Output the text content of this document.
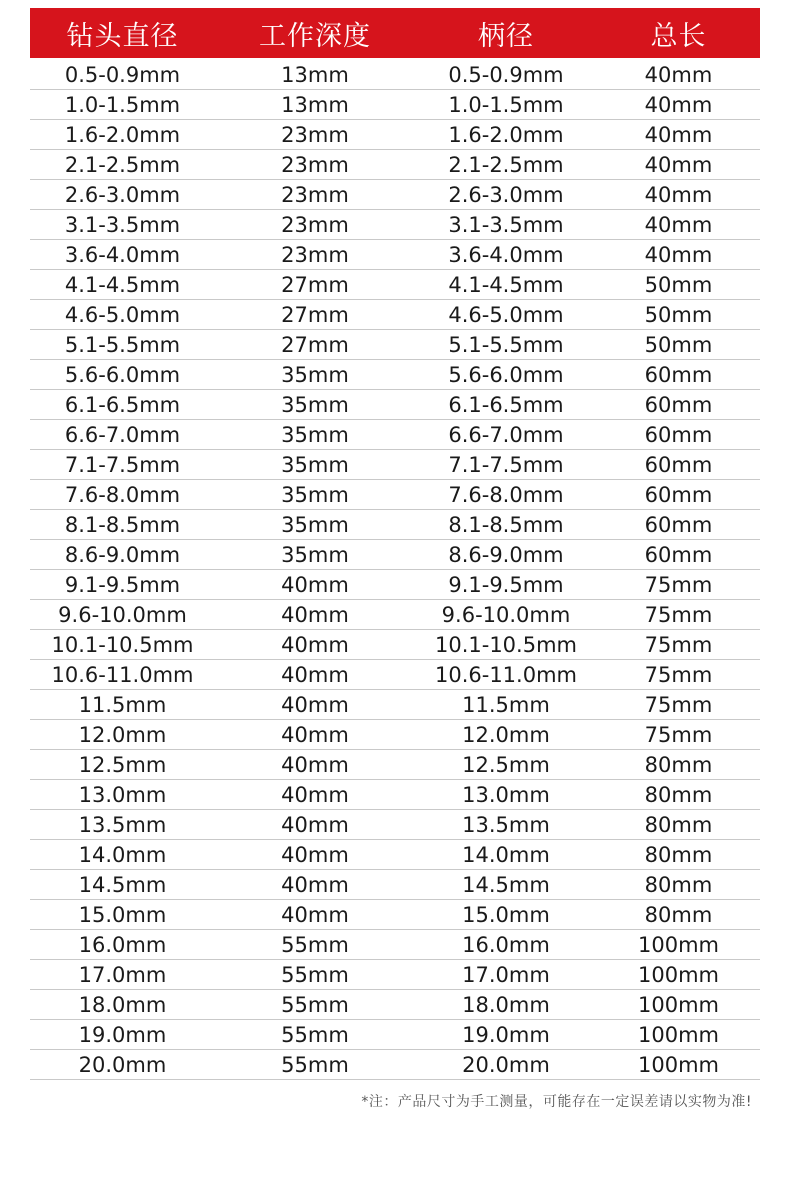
钻头直径	工作深度	柄径	总长
0.5-0.9mm	13mm	0.5-0.9mm	40mm
1.0-1.5mm	13mm	1.0-1.5mm	40mm
1.6-2.0mm	23mm	1.6-2.0mm	40mm
2.1-2.5mm	23mm	2.1-2.5mm	40mm
2.6-3.0mm	23mm	2.6-3.0mm	40mm
3.1-3.5mm	23mm	3.1-3.5mm	40mm
3.6-4.0mm	23mm	3.6-4.0mm	40mm
4.1-4.5mm	27mm	4.1-4.5mm	50mm
4.6-5.0mm	27mm	4.6-5.0mm	50mm
5.1-5.5mm	27mm	5.1-5.5mm	50mm
5.6-6.0mm	35mm	5.6-6.0mm	60mm
6.1-6.5mm	35mm	6.1-6.5mm	60mm
6.6-7.0mm	35mm	6.6-7.0mm	60mm
7.1-7.5mm	35mm	7.1-7.5mm	60mm
7.6-8.0mm	35mm	7.6-8.0mm	60mm
8.1-8.5mm	35mm	8.1-8.5mm	60mm
8.6-9.0mm	35mm	8.6-9.0mm	60mm
9.1-9.5mm	40mm	9.1-9.5mm	75mm
9.6-10.0mm	40mm	9.6-10.0mm	75mm
10.1-10.5mm	40mm	10.1-10.5mm	75mm
10.6-11.0mm	40mm	10.6-11.0mm	75mm
11.5mm	40mm	11.5mm	75mm
12.0mm	40mm	12.0mm	75mm
12.5mm	40mm	12.5mm	80mm
13.0mm	40mm	13.0mm	80mm
13.5mm	40mm	13.5mm	80mm
14.0mm	40mm	14.0mm	80mm
14.5mm	40mm	14.5mm	80mm
15.0mm	40mm	15.0mm	80mm
16.0mm	55mm	16.0mm	100mm
17.0mm	55mm	17.0mm	100mm
18.0mm	55mm	18.0mm	100mm
19.0mm	55mm	19.0mm	100mm
20.0mm	55mm	20.0mm	100mm
*注：产品尺寸为手工测量，可能存在一定误差请以实物为准!
